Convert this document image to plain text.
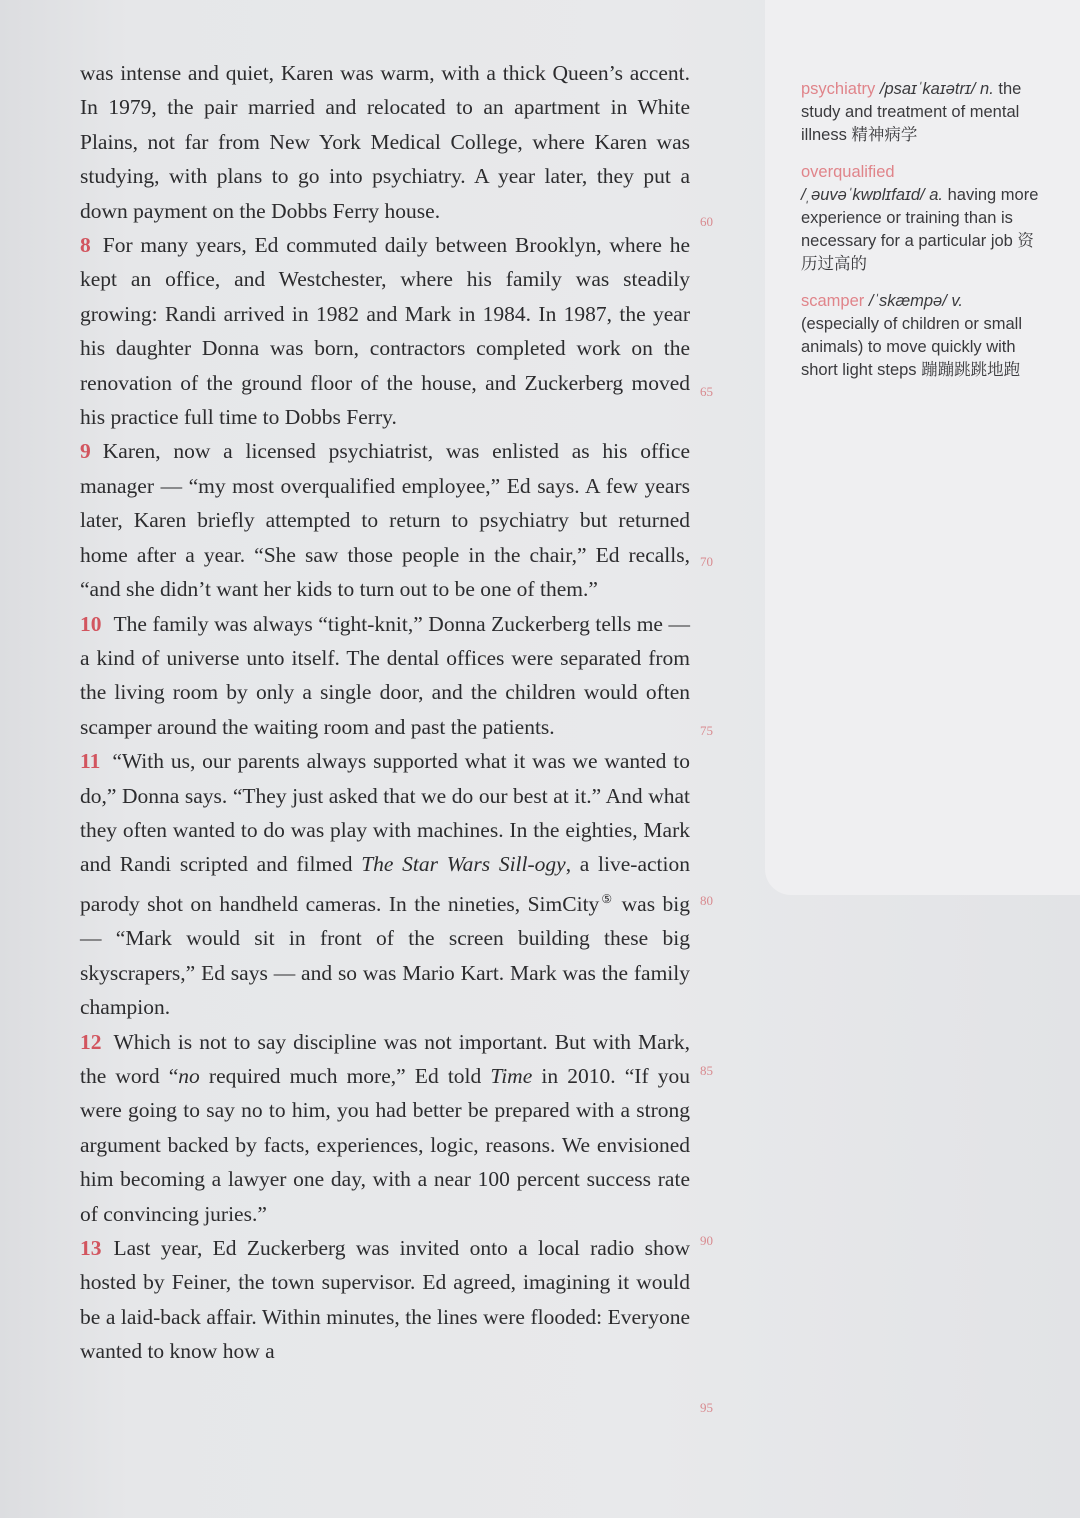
was intense and quiet, Karen was warm, with a thick Queen’s accent. In 1979, the pair married and relocated to an apartment in White Plains, not far from New York Medical College, where Karen was studying, with plans to go into psychiatry. A year later, they put a down payment on the Dobbs Ferry house.

8 For many years, Ed commuted daily between Brooklyn, where he kept an office, and Westchester, where his family was steadily growing: Randi arrived in 1982 and Mark in 1984. In 1987, the year his daughter Donna was born, contractors completed work on the renovation of the ground floor of the house, and Zuckerberg moved his practice full time to Dobbs Ferry.

9 Karen, now a licensed psychiatrist, was enlisted as his office manager — “my most overqualified employee,” Ed says. A few years later, Karen briefly attempted to return to psychiatry but returned home after a year. “She saw those people in the chair,” Ed recalls, “and she didn’t want her kids to turn out to be one of them.”

10 The family was always “tight-knit,” Donna Zuckerberg tells me — a kind of universe unto itself. The dental offices were separated from the living room by only a single door, and the children would often scamper around the waiting room and past the patients.

11 “With us, our parents always supported what it was we wanted to do,” Donna says. “They just asked that we do our best at it.” And what they often wanted to do was play with machines. In the eighties, Mark and Randi scripted and filmed The Star Wars Sill-ogy, a live-action parody shot on handheld cameras. In the nineties, SimCity⑤ was big — “Mark would sit in front of the screen building these big skyscrapers,” Ed says — and so was Mario Kart. Mark was the family champion.

12 Which is not to say discipline was not important. But with Mark, the word “no required much more,” Ed told Time in 2010. “If you were going to say no to him, you had better be prepared with a strong argument backed by facts, experiences, logic, reasons. We envisioned him becoming a lawyer one day, with a near 100 percent success rate of convincing juries.”

13 Last year, Ed Zuckerberg was invited onto a local radio show hosted by Feiner, the town supervisor. Ed agreed, imagining it would be a laid-back affair. Within minutes, the lines were flooded: Everyone wanted to know how a

60
65
70
75
80
85
90
95
psychiatry /psaɪˈkaɪətrɪ/ n. the study and treatment of mental illness 精神病学
overqualified
/ˌəuvəˈkwɒlɪfaɪd/ a. having more experience or training than is necessary for a particular job 资历过高的
scamper /ˈskæmpə/ v. (especially of children or small animals) to move quickly with short light steps 蹦蹦跳跳地跑
